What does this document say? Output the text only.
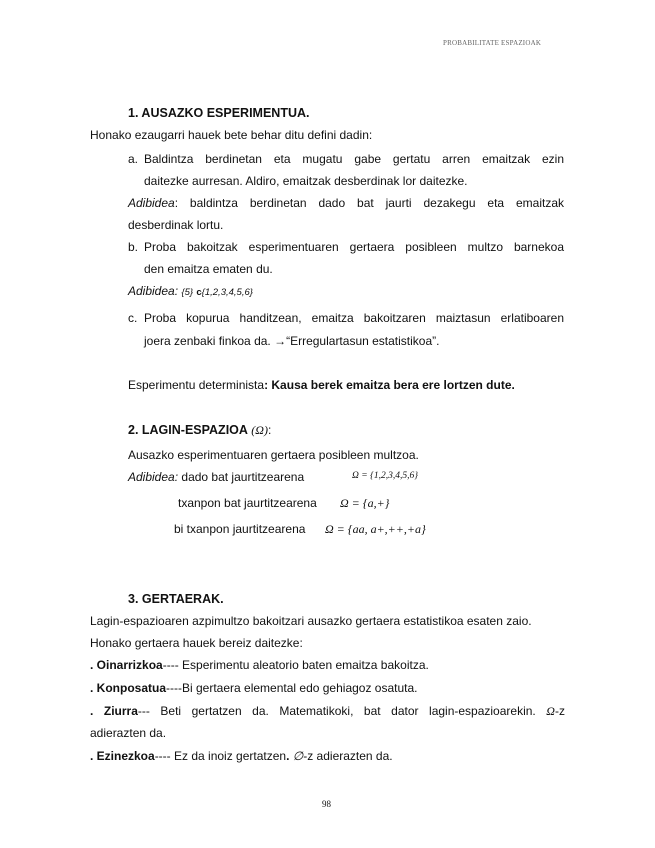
PROBABILITATE ESPAZIOAK
1. AUSAZKO ESPERIMENTUA.
Honako ezaugarri hauek bete behar ditu defini dadin:
a. Baldintza berdinetan eta mugatu gabe gertatu arren emaitzak ezin
daitezke aurresan. Aldiro, emaitzak desberdinak lor daitezke.
Adibidea: baldintza berdinetan dado bat jaurti dezakegu eta emaitzak
desberdinak lortu.
b. Proba bakoitzak esperimentuaren gertaera posibleen multzo barnekoa
den emaitza ematen du.
Adibidea: {5} c{1,2,3,4,5,6}
c. Proba kopurua handitzean, emaitza bakoitzaren maiztasun erlatiboaren
joera zenbaki finkoa da. →“Erregulartasun estatistikoa”.
Esperimentu determinista: Kausa berek emaitza bera ere lortzen dute.
2. LAGIN-ESPAZIOA (Ω):
Ausazko esperimentuaren gertaera posibleen multzoa.
Adibidea: dado bat jaurtitzearena	Ω = {1,2,3,4,5,6}
txanpon bat jaurtitzearena Ω = {a,+}
bi txanpon jaurtitzearena Ω = {aa, a+,++,+a}
3. GERTAERAK.
Lagin-espazioaren azpimultzo bakoitzari ausazko gertaera estatistikoa esaten zaio.
Honako gertaera hauek bereiz daitezke:
. Oinarrizkoa---- Esperimentu aleatorio baten emaitza bakoitza.
. Konposatua----Bi gertaera elemental edo gehiagoz osatuta.
. Ziurra--- Beti gertatzen da. Matematikoki, bat dator lagin-espazioarekin. Ω-z
adierazten da.
. Ezinezkoa---- Ez da inoiz gertatzen. ∅-z adierazten da.
98
